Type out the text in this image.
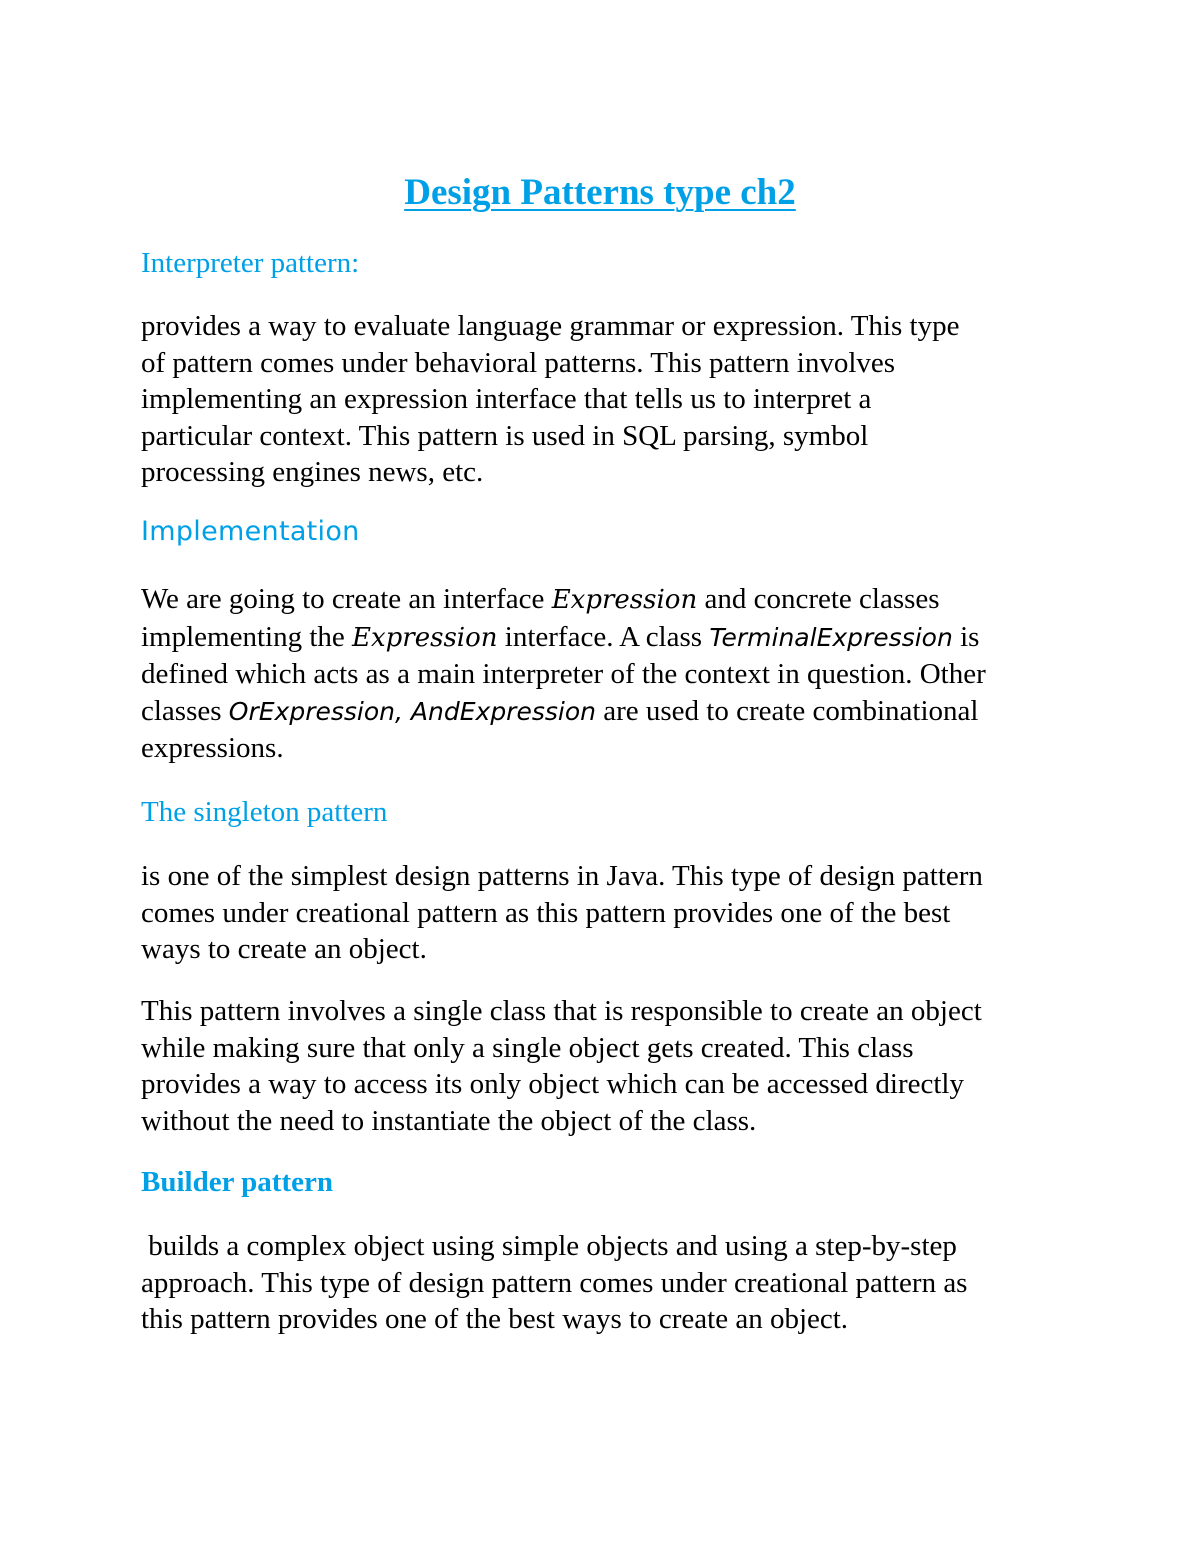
Design Patterns type ch2
Interpreter pattern:

provides a way to evaluate language grammar or expression. This type

of pattern comes under behavioral patterns. This pattern involves

implementing an expression interface that tells us to interpret a

particular context. This pattern is used in SQL parsing, symbol

processing engines news, etc.

Implementation

We are going to create an interface Expression and concrete classes

implementing the Expression interface. A class TerminalExpression is

defined which acts as a main interpreter of the context in question. Other

classes OrExpression, AndExpression are used to create combinational

expressions.

The singleton pattern

is one of the simplest design patterns in Java. This type of design pattern

comes under creational pattern as this pattern provides one of the best

ways to create an object.

This pattern involves a single class that is responsible to create an object

while making sure that only a single object gets created. This class

provides a way to access its only object which can be accessed directly

without the need to instantiate the object of the class.

Builder pattern

builds a complex object using simple objects and using a step-by-step

approach. This type of design pattern comes under creational pattern as

this pattern provides one of the best ways to create an object.
